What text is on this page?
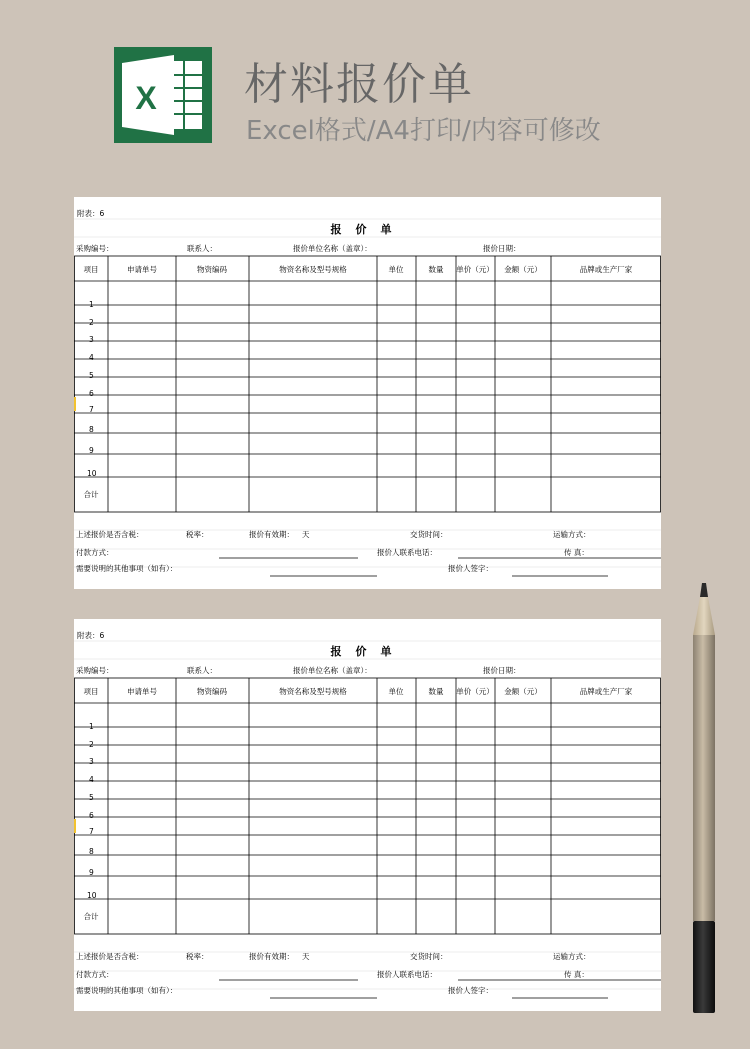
X 材料报价单
Excel格式/A4打印/内容可修改
附表：6
报价单
采购编号：	联系人：	报价单位名称（盖章）：	报价日期：
项目	申请单号	物资编码	物资名称及型号规格	单位	数量 单价（元） 金额（元）	品牌或生产厂家
1
2
3
4
5
6
7
8
9
10
合计
上述报价是否含税：	税率：	报价有效期： 天	交货时间：	运输方式：
付款方式：	报价人联系电话：	传 真：
需要说明的其他事项（如有）：	报价人签字：
附表：6
报价单
采购编号：	联系人：	报价单位名称（盖章）：	报价日期：
项目	申请单号	物资编码	物资名称及型号规格	单位	数量 单价（元） 金额（元）	品牌或生产厂家
1
2
3
4
5
6
7
8
9
10
合计
上述报价是否含税：	税率：	报价有效期： 天	交货时间：	运输方式：
付款方式：	报价人联系电话：	传 真：
需要说明的其他事项（如有）：	报价人签字：
